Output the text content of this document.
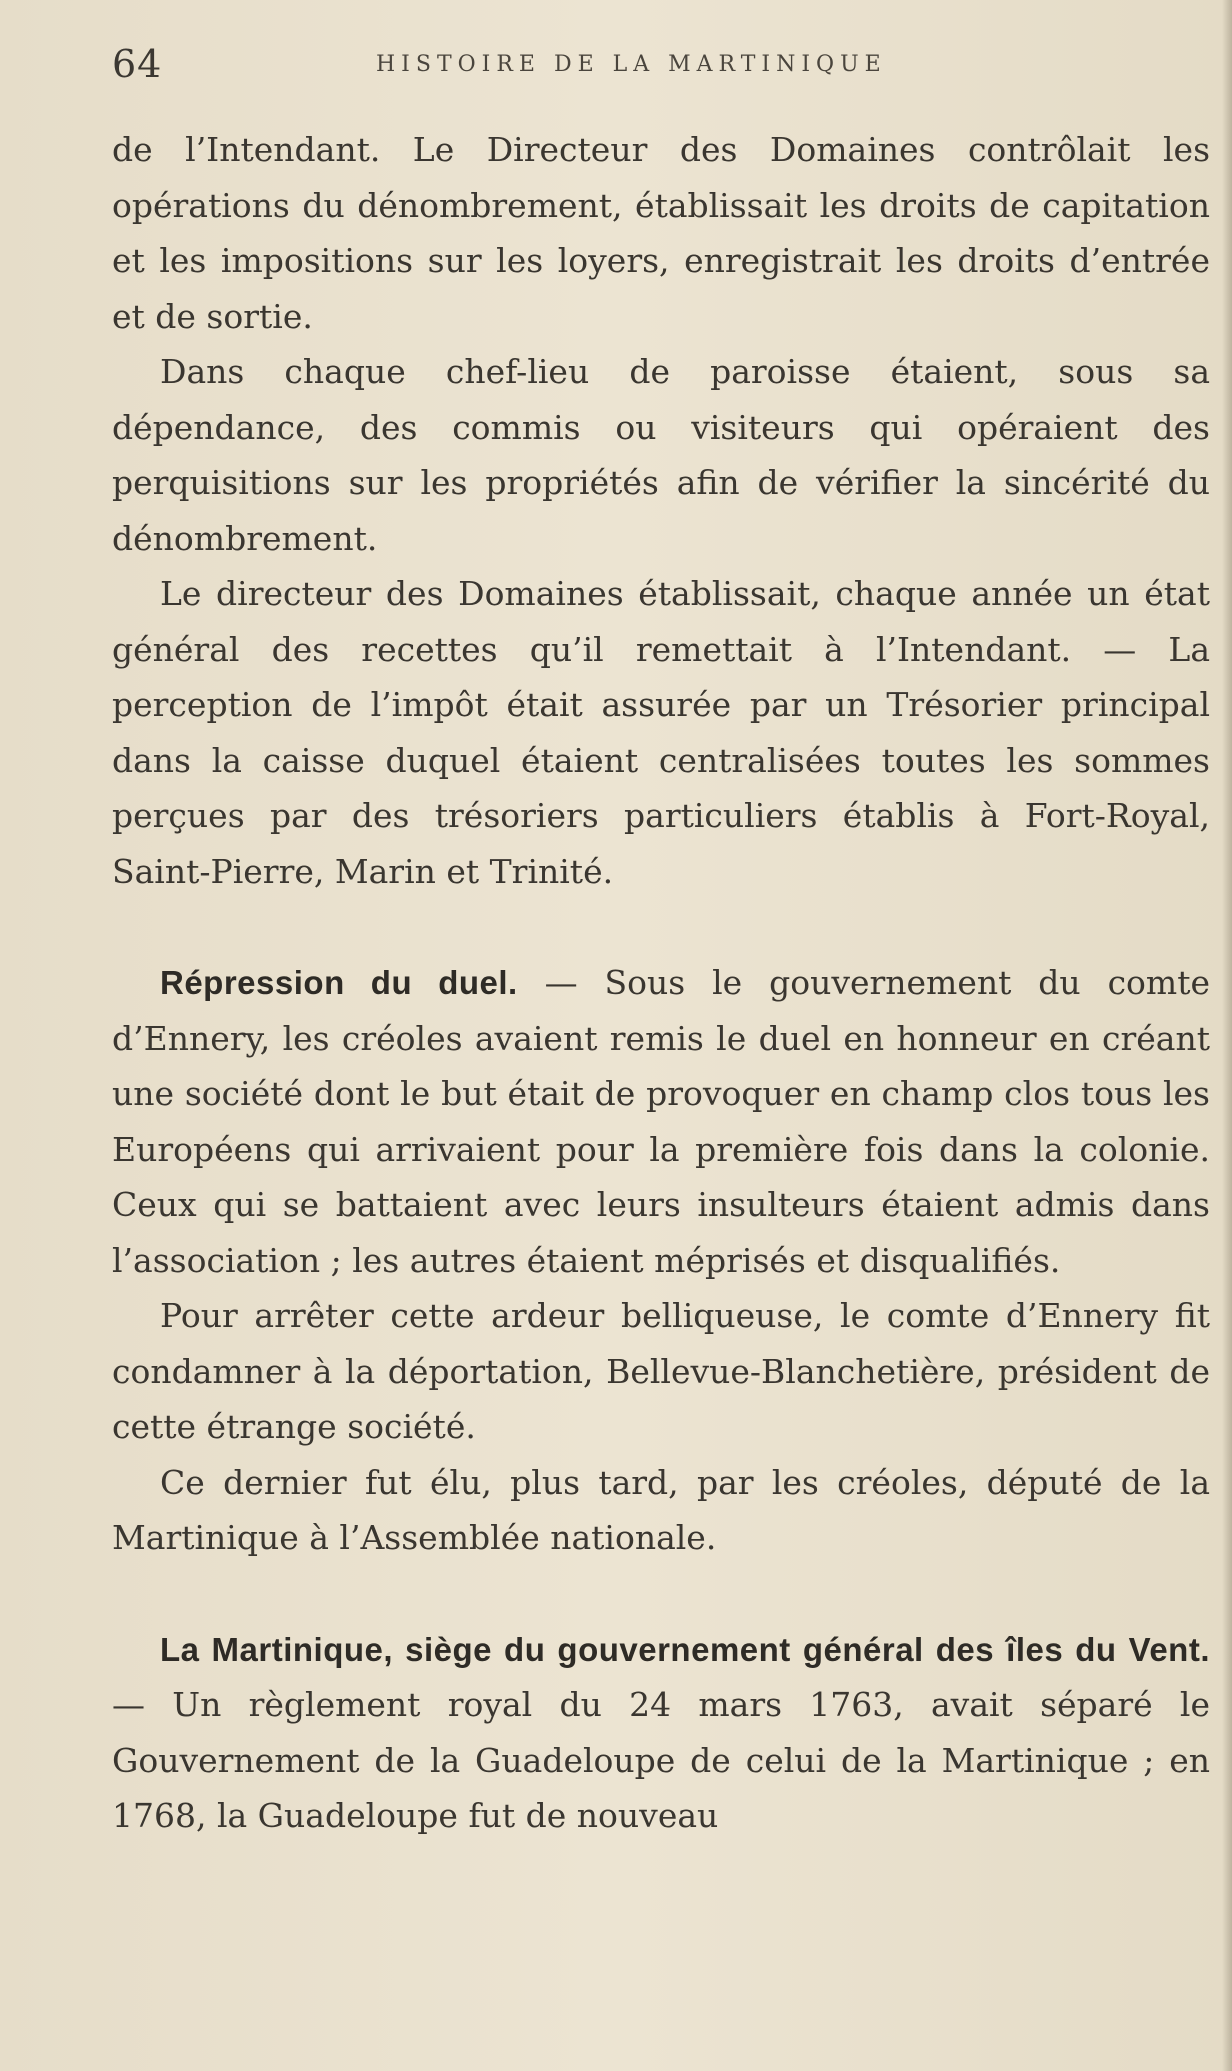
64	HISTOIRE DE LA MARTINIQUE

de l’Intendant. Le Directeur des Domaines contrôlait les opérations du dénombrement, établissait les droits de capitation et les impositions sur les loyers, enregistrait les droits d’entrée et de sortie.

Dans chaque chef-lieu de paroisse étaient, sous sa dépendance, des commis ou visiteurs qui opéraient des perquisitions sur les propriétés afin de vérifier la sincérité du dénombrement.

Le directeur des Domaines établissait, chaque année un état général des recettes qu’il remettait à l’Intendant. — La perception de l’impôt était assurée par un Trésorier principal dans la caisse duquel étaient centralisées toutes les sommes perçues par des trésoriers particuliers établis à Fort-Royal, Saint-Pierre, Marin et Trinité.

Répression du duel. — Sous le gouvernement du comte d’Ennery, les créoles avaient remis le duel en honneur en créant une société dont le but était de provoquer en champ clos tous les Européens qui arrivaient pour la première fois dans la colonie. Ceux qui se battaient avec leurs insulteurs étaient admis dans l’association ; les autres étaient méprisés et disqualifiés.

Pour arrêter cette ardeur belliqueuse, le comte d’Ennery fit condamner à la déportation, Bellevue-Blanchetière, président de cette étrange société.

Ce dernier fut élu, plus tard, par les créoles, député de la Martinique à l’Assemblée nationale.

La Martinique, siège du gouvernement général des îles du Vent. — Un règlement royal du 24 mars 1763, avait séparé le Gouvernement de la Guadeloupe de celui de la Martinique ; en 1768, la Guadeloupe fut de nouveau
